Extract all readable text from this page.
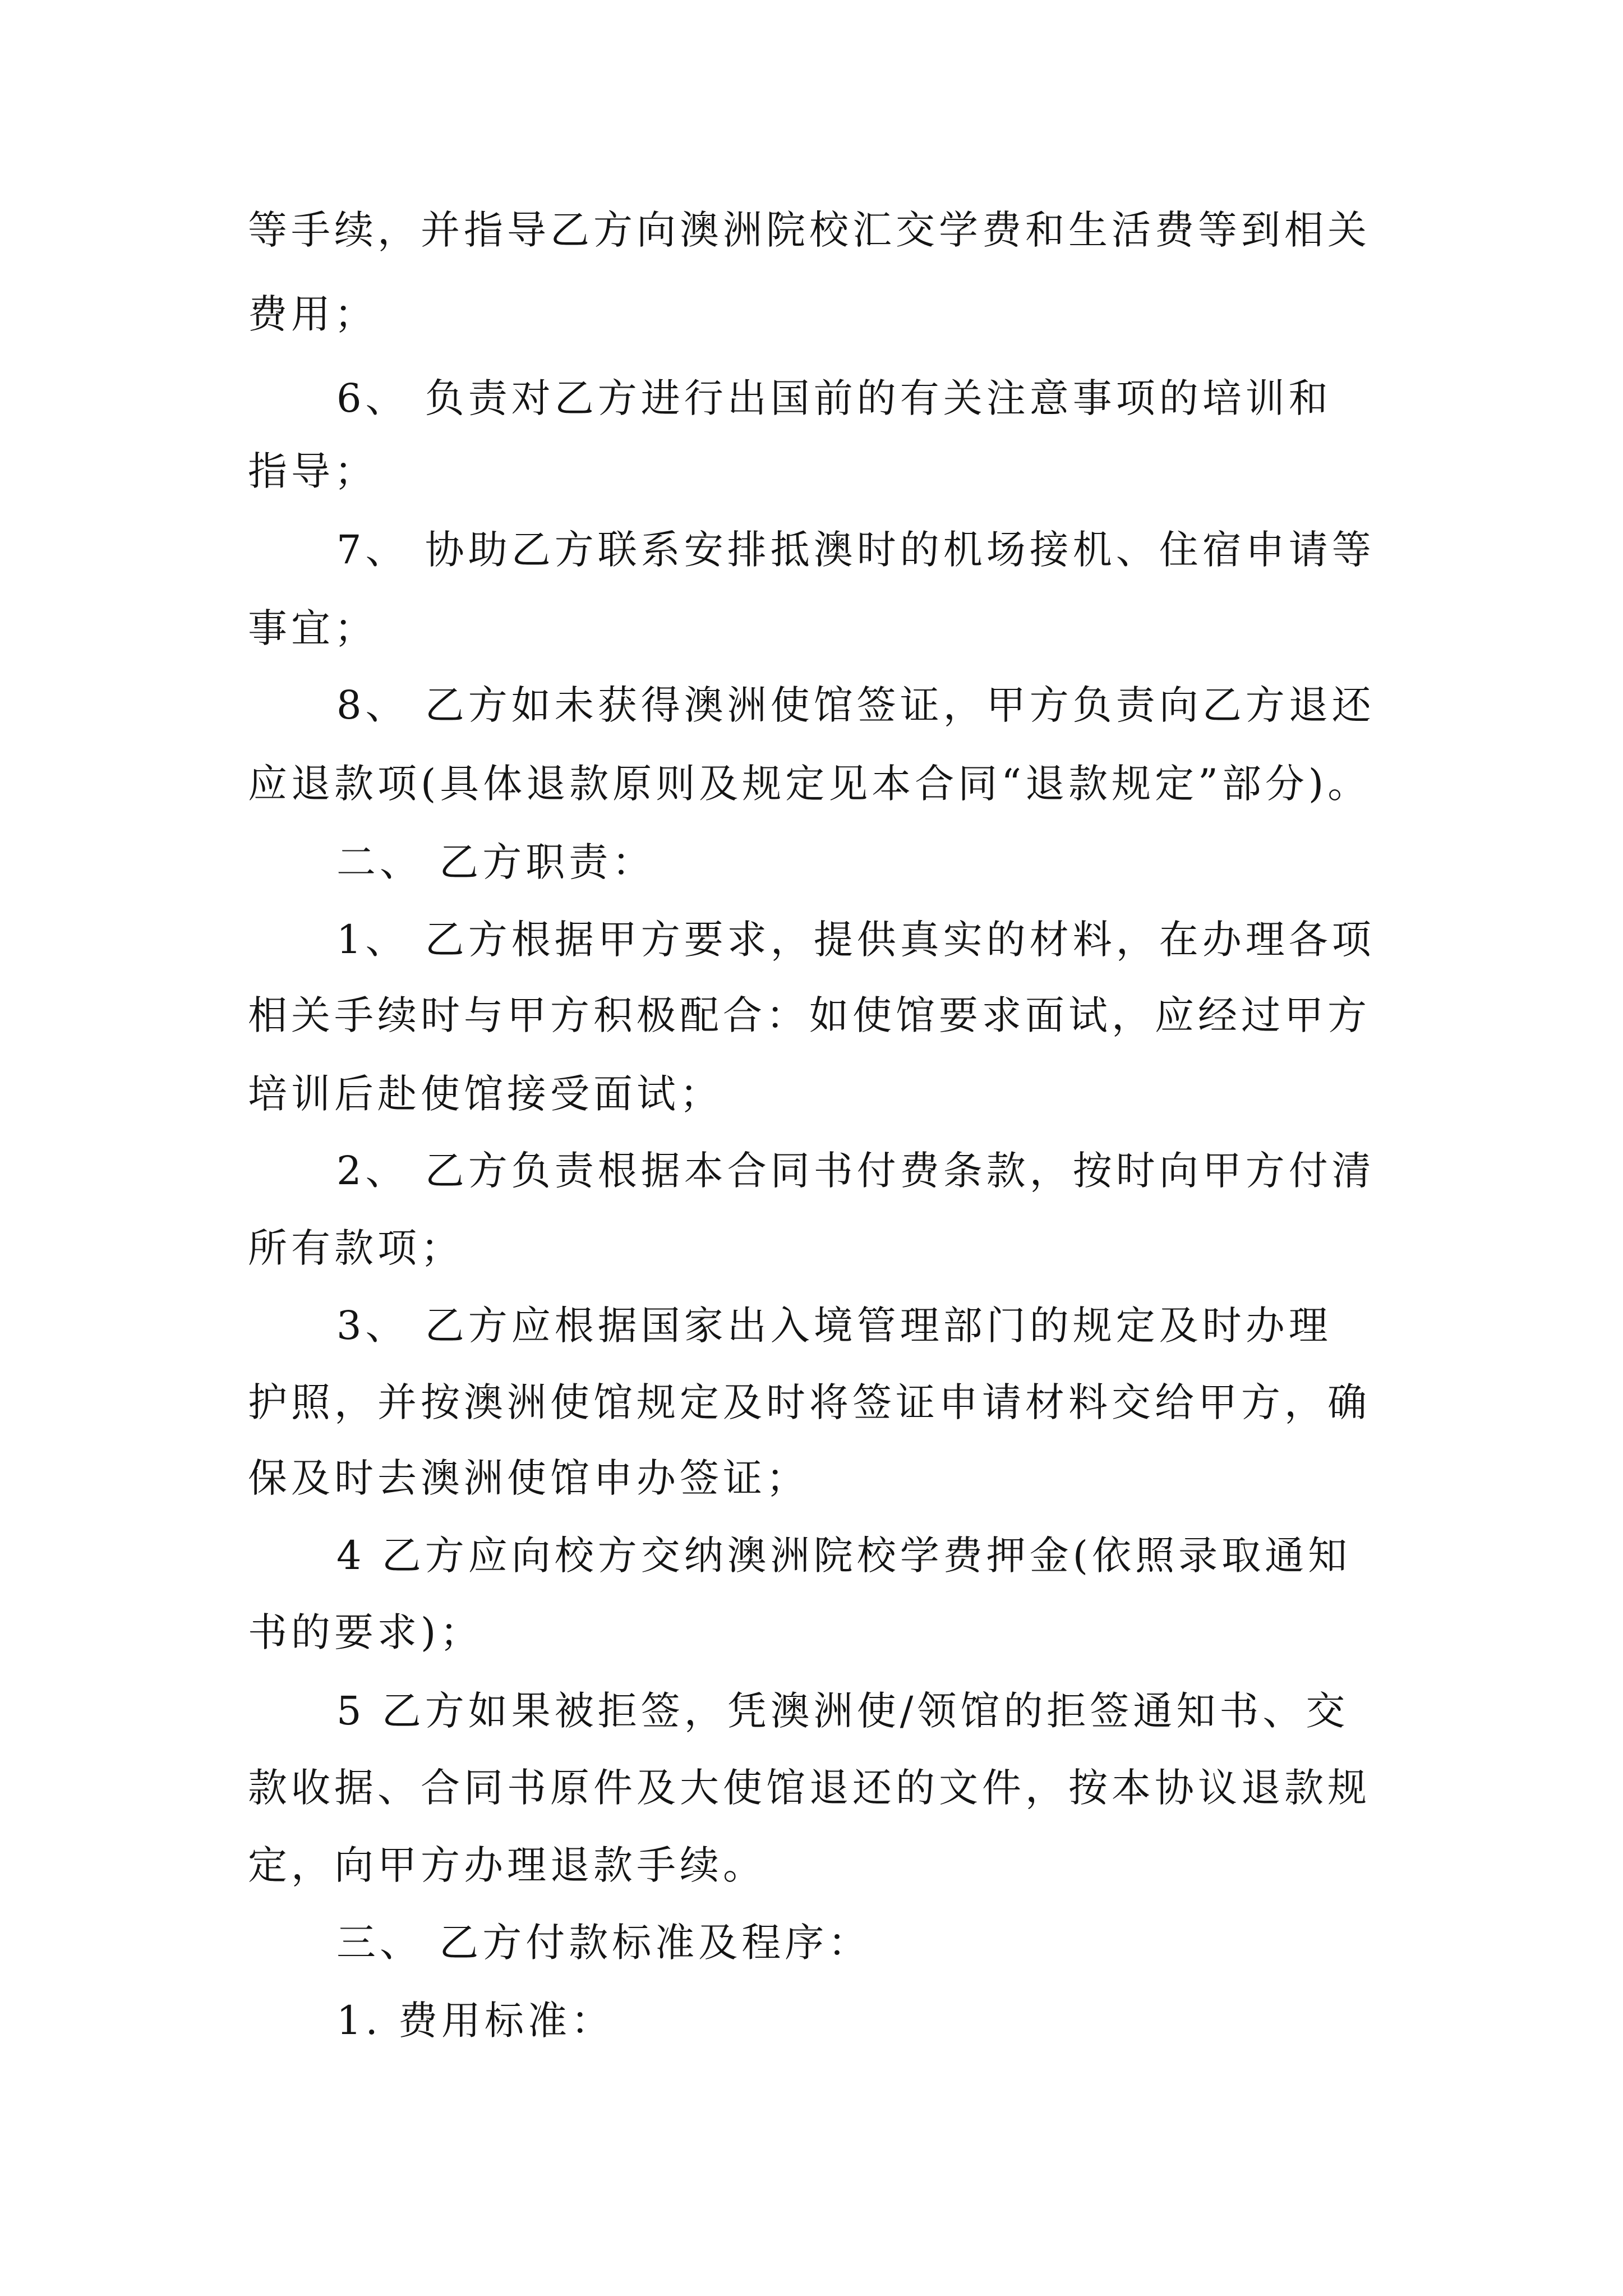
等手续，并指导乙方向澳洲院校汇交学费和生活费等到相关
费用；
6、 负责对乙方进行出国前的有关注意事项的培训和
指导；
7、 协助乙方联系安排抵澳时的机场接机、住宿申请等
事宜；
8、 乙方如未获得澳洲使馆签证，甲方负责向乙方退还
应退款项(具体退款原则及规定见本合同“退款规定”部分)。
二、 乙方职责：
1、 乙方根据甲方要求，提供真实的材料，在办理各项
相关手续时与甲方积极配合：如使馆要求面试，应经过甲方
培训后赴使馆接受面试；
2、 乙方负责根据本合同书付费条款，按时向甲方付清
所有款项；
3、 乙方应根据国家出入境管理部门的规定及时办理
护照，并按澳洲使馆规定及时将签证申请材料交给甲方，确
保及时去澳洲使馆申办签证；
4 乙方应向校方交纳澳洲院校学费押金(依照录取通知
书的要求)；
5 乙方如果被拒签，凭澳洲使/领馆的拒签通知书、交
款收据、合同书原件及大使馆退还的文件，按本协议退款规
定，向甲方办理退款手续。
三、 乙方付款标准及程序：
1. 费用标准：
